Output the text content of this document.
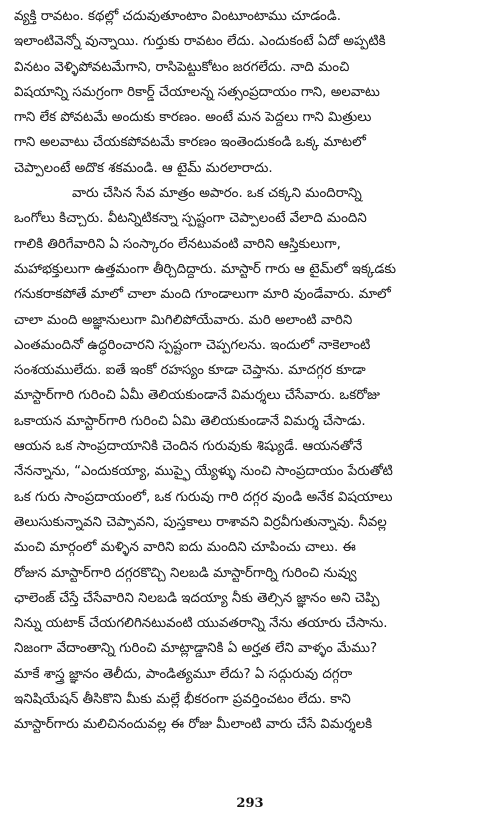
వ్యక్తి రావటం. కథల్లో చదువుతూంటాం వింటూంటాము చూడండి.
ఇలాంటివెన్నో వున్నాయి. గుర్తుకు రావటం లేదు. ఎందుకంటే ఏదో అప్పటికి
వినటం వెళ్ళిపోవటమేగాని, రాసిపెట్టుకోటం జరగలేదు. నాది మంచి
విషయాన్ని సమగ్రంగా రికార్డ్ చేయాలన్న సత్సంప్రదాయం గాని, అలవాటు
గాని లేక పోవటమే అందుకు కారణం. అంటే మన పెద్దలు గాని మిత్రులు
గాని అలవాటు చేయకపోవటమే కారణం ఇంతెందుకండి ఒక్క మాటలో
చెప్పాలంటే అదొక శకమండి. ఆ టైమ్ మరలారాదు.
వారు చేసిన సేవ మాత్రం అపారం. ఒక చక్కని మందిరాన్ని
ఒంగోలు కిచ్చారు. వీటన్నిటికన్నా స్పష్టంగా చెప్పాలంటే వేలాది మందిని
గాలికి తిరిగేవారిని ఏ సంస్కారం లేనటువంటి వారిని ఆస్తికులుగా,
మహాభక్తులుగా ఉత్తమంగా తీర్చిదిద్దారు. మాస్టార్ గారు ఆ టైమ్‌లో ఇక్కడకు
గనుకరాకపోతే మాలో చాలా మంది గూండాలుగా మారి వుండేవారు. మాలో
చాలా మంది అజ్ఞానులుగా మిగిలిపోయేవారు. మరి అలాంటి వారిని
ఎంతమందినో ఉద్ధరించారని స్పష్టంగా చెప్పగలను. ఇందులో నాకెలాంటి
సంశయములేదు. ఐతే ఇంకో రహస్యం కూడా చెప్తాను. మాదగ్గర కూడా
మాస్టార్‌గారి గురించి ఏమీ తెలియకుండానే విమర్శలు చేసేవారు. ఒకరోజు
ఒకాయన మాస్టార్‌గారి గురించి ఏమి తెలియకుండానే విమర్శ చేసాడు.
ఆయన ఒక సాంప్రదాయానికి చెందిన గురువుకు శిష్యుడే. ఆయనతోనే
నేనన్నాను, “ఎందుకయ్యా, ముప్ఫై య్యేళ్ళు నుంచి సాంప్రదాయం పేరుతోటి
ఒక గురు సాంప్రదాయంలో, ఒక గురువు గారి దగ్గర వుండి అనేక విషయాలు
తెలుసుకున్నావని చెప్పావని, పుస్తకాలు రాశావని విర్రవీగుతున్నావు. నీవల్ల
మంచి మార్గంలో మళ్ళిన వారిని ఐదు మందిని చూపించు చాలు. ఈ
రోజున మాస్టార్‌గారి దగ్గరకొచ్చి నిలబడి మాస్టార్‌గార్ని గురించి నువ్వు
ఛాలెంజ్ చేస్తే చేసేవారిని నిలబడి ఇదయ్యా నీకు తెల్సిన జ్ఞానం అని చెప్పి
నిన్ను యటాక్ చేయగలిగినటువంటి యువతరాన్ని నేను తయారు చేసాను.
నిజంగా వేదాంతాన్ని గురించి మాట్లాడ్డానికి ఏ అర్హత లేని వాళ్ళం మేము?
మాకే శాస్త్ర జ్ఞానం తెలీదు, పాండిత్యమూ లేదు? ఏ సద్గురువు దగ్గరా
ఇనిషియేషన్ తీసికొని మీకు మల్లే భీకరంగా ప్రవర్తించటం లేదు. కాని
మాస్టార్‌గారు మలిచినందువల్ల ఈ రోజు మీలాంటి వారు చేసే విమర్శలకి
293
